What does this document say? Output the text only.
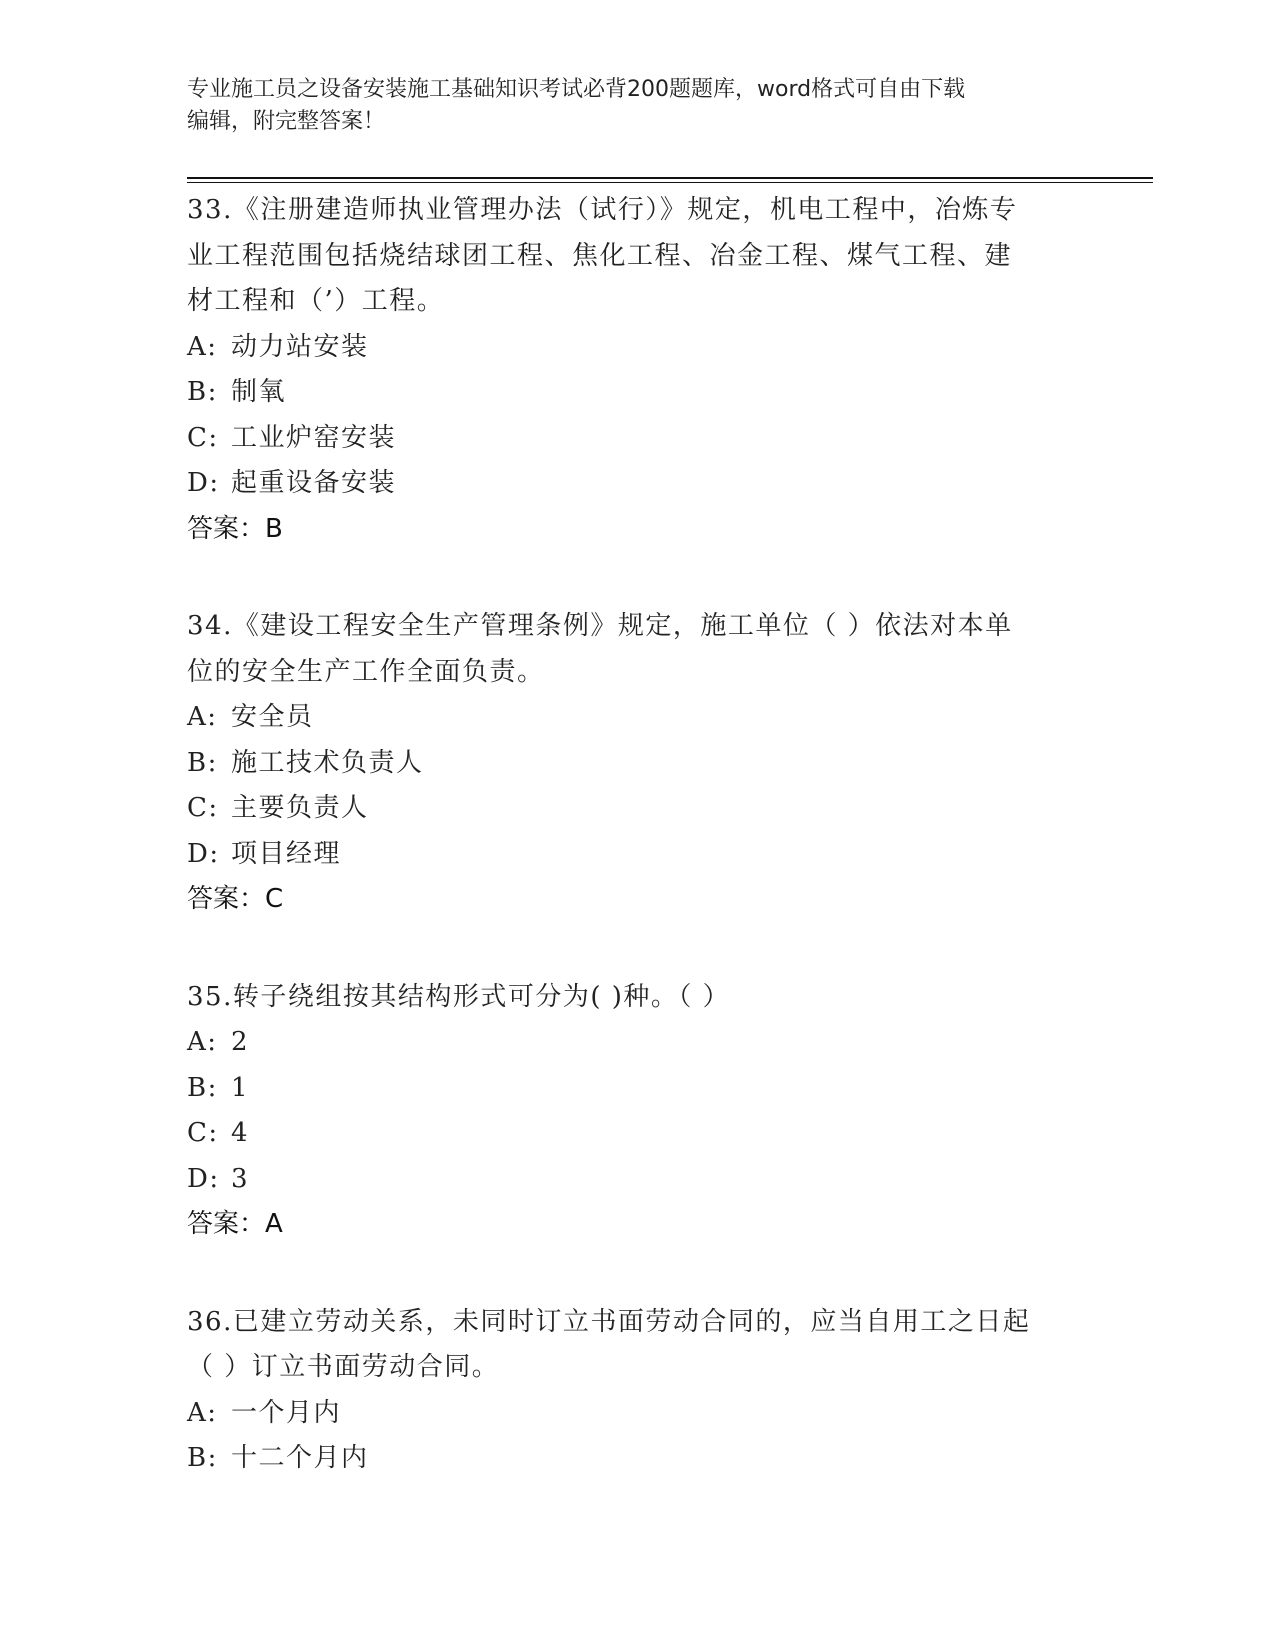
专业施工员之设备安装施工基础知识考试必背200题题库，word格式可自由下载
编辑，附完整答案！
33.《注册建造师执业管理办法（试行）》规定，机电工程中，冶炼专
业工程范围包括烧结球团工程、焦化工程、冶金工程、煤气工程、建
材工程和（’）工程。
A: 动力站安装
B: 制氧
C: 工业炉窑安装
D: 起重设备安装
答案：B
34.《建设工程安全生产管理条例》规定，施工单位（ ）依法对本单
位的安全生产工作全面负责。
A: 安全员
B: 施工技术负责人
C: 主要负责人
D: 项目经理
答案：C
35.转子绕组按其结构形式可分为( )种。（ ）
A: 2
B: 1
C: 4
D: 3
答案：A
36.已建立劳动关系，未同时订立书面劳动合同的，应当自用工之日起
（ ）订立书面劳动合同。
A: 一个月内
B: 十二个月内
